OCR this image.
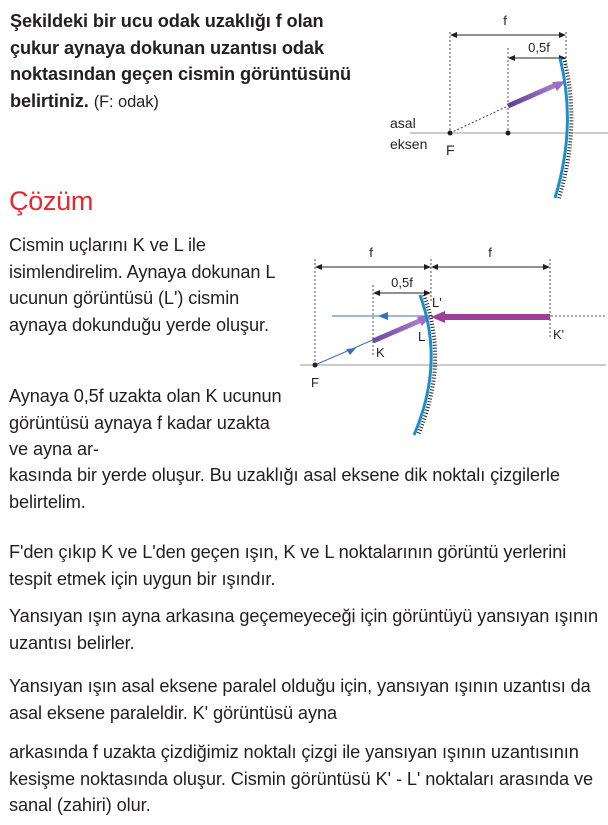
Şekildeki bir ucu odak uzaklığı f olan çukur aynaya dokunan uzantısı odak noktasından geçen cismin görüntüsünü belirtiniz. (F: odak)
f
0,5f
asal
eksen F
Çözüm
Cismin uçlarını K ve L ile isimlendirelim. Aynaya dokunan L ucunun görüntüsü (L') cismin aynaya dokunduğu yerde oluşur.
Aynaya 0,5f uzakta olan K ucunun görüntüsü aynaya f kadar uzakta ve ayna ar-
kasında bir yerde oluşur. Bu uzaklığı asal eksene dik noktalı çizgilerle belirtelim.
F'den çıkıp K ve L'den geçen ışın, K ve L noktalarının görüntü yerlerini tespit etmek için uygun bir ışındır.
Yansıyan ışın ayna arkasına geçemeyeceği için görüntüyü yansıyan ışının uzantısı belirler.
Yansıyan ışın asal eksene paralel olduğu için, yansıyan ışının uzantısı da asal eksene paraleldir. K' görüntüsü ayna
arkasında f uzakta çizdiğimiz noktalı çizgi ile yansıyan ışının uzantısının kesişme noktasında oluşur. Cismin görüntüsü K' - L' noktaları arasında ve sanal (zahiri) olur.
f	f
0,5f
L'
L
K
K'
F
